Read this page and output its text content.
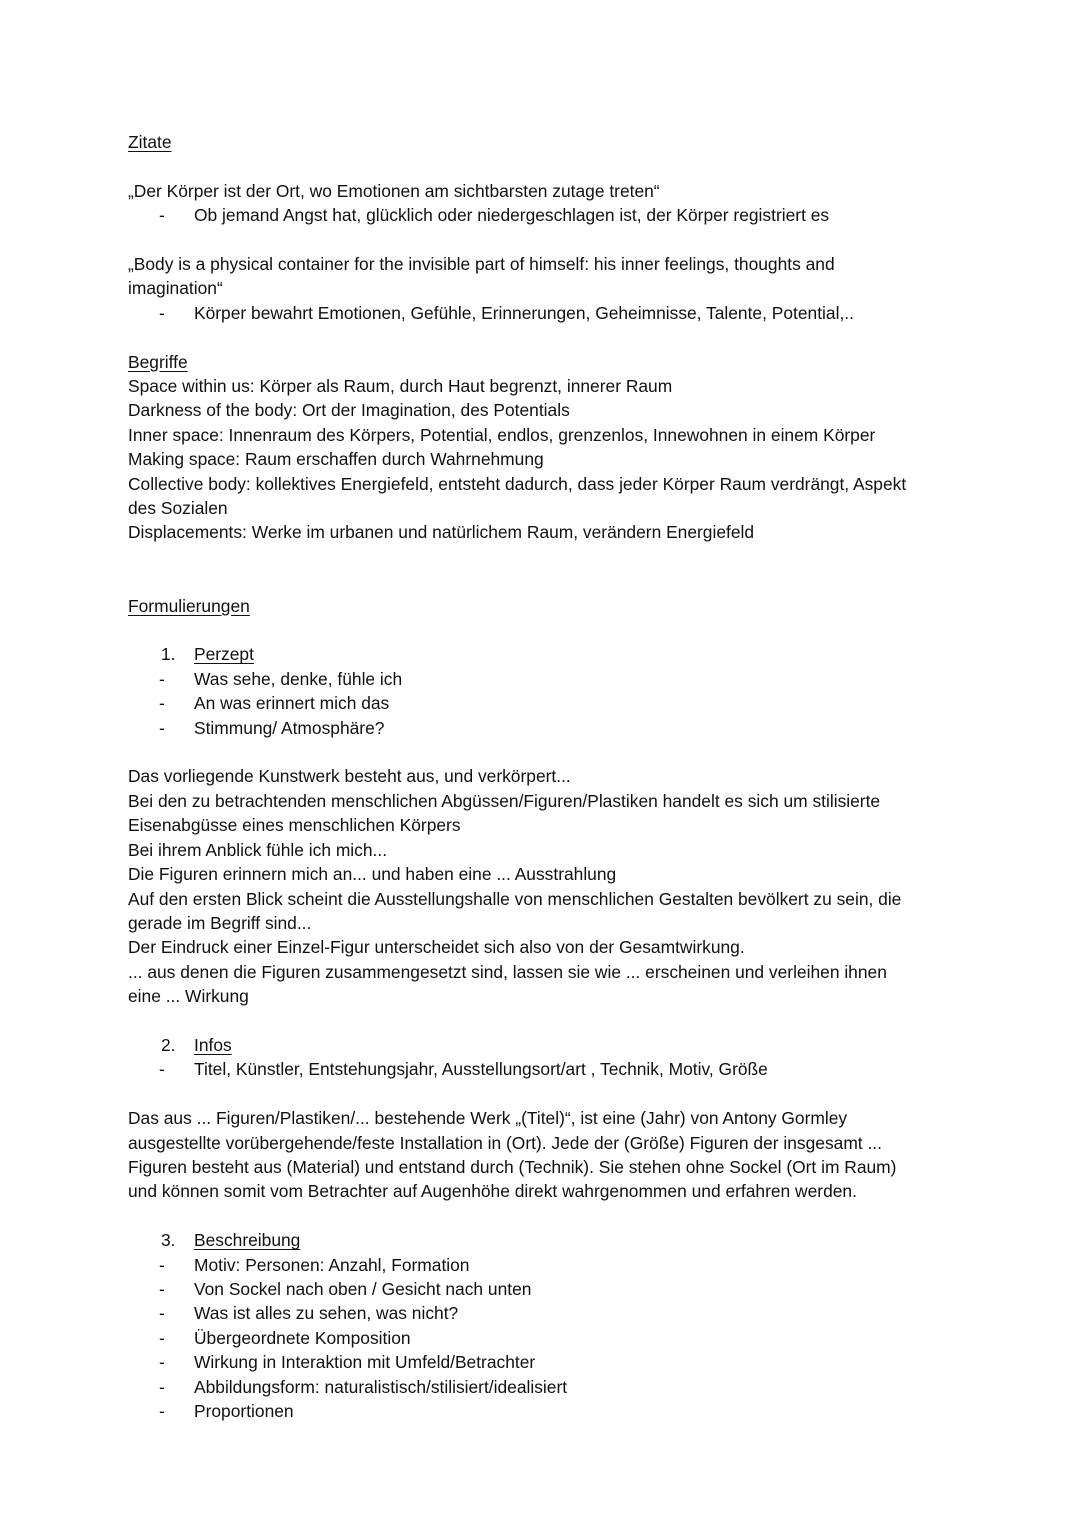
Zitate
„Der Körper ist der Ort, wo Emotionen am sichtbarsten zutage treten“
-	Ob jemand Angst hat, glücklich oder niedergeschlagen ist, der Körper registriert es
„Body is a physical container for the invisible part of himself: his inner feelings, thoughts and
imagination“
-	Körper bewahrt Emotionen, Gefühle, Erinnerungen, Geheimnisse, Talente, Potential,..
Begriffe
Space within us: Körper als Raum, durch Haut begrenzt, innerer Raum
Darkness of the body: Ort der Imagination, des Potentials
Inner space: Innenraum des Körpers, Potential, endlos, grenzenlos, Innewohnen in einem Körper
Making space: Raum erschaffen durch Wahrnehmung
Collective body: kollektives Energiefeld, entsteht dadurch, dass jeder Körper Raum verdrängt, Aspekt
des Sozialen
Displacements: Werke im urbanen und natürlichem Raum, verändern Energiefeld
Formulierungen
1.	Perzept
-	Was sehe, denke, fühle ich
-	An was erinnert mich das
-	Stimmung/ Atmosphäre?
Das vorliegende Kunstwerk besteht aus, und verkörpert...
Bei den zu betrachtenden menschlichen Abgüssen/Figuren/Plastiken handelt es sich um stilisierte
Eisenabgüsse eines menschlichen Körpers
Bei ihrem Anblick fühle ich mich...
Die Figuren erinnern mich an... und haben eine ... Ausstrahlung
Auf den ersten Blick scheint die Ausstellungshalle von menschlichen Gestalten bevölkert zu sein, die
gerade im Begriff sind...
Der Eindruck einer Einzel-Figur unterscheidet sich also von der Gesamtwirkung.
... aus denen die Figuren zusammengesetzt sind, lassen sie wie ... erscheinen und verleihen ihnen
eine ... Wirkung
2.	Infos
-	Titel, Künstler, Entstehungsjahr, Ausstellungsort/art , Technik, Motiv, Größe
Das aus ... Figuren/Plastiken/... bestehende Werk „(Titel)“, ist eine (Jahr) von Antony Gormley
ausgestellte vorübergehende/feste Installation in (Ort). Jede der (Größe) Figuren der insgesamt ...
Figuren besteht aus (Material) und entstand durch (Technik). Sie stehen ohne Sockel (Ort im Raum)
und können somit vom Betrachter auf Augenhöhe direkt wahrgenommen und erfahren werden.
3.	Beschreibung
-	Motiv: Personen: Anzahl, Formation
-	Von Sockel nach oben / Gesicht nach unten
-	Was ist alles zu sehen, was nicht?
-	Übergeordnete Komposition
-	Wirkung in Interaktion mit Umfeld/Betrachter
-	Abbildungsform: naturalistisch/stilisiert/idealisiert
-	Proportionen
